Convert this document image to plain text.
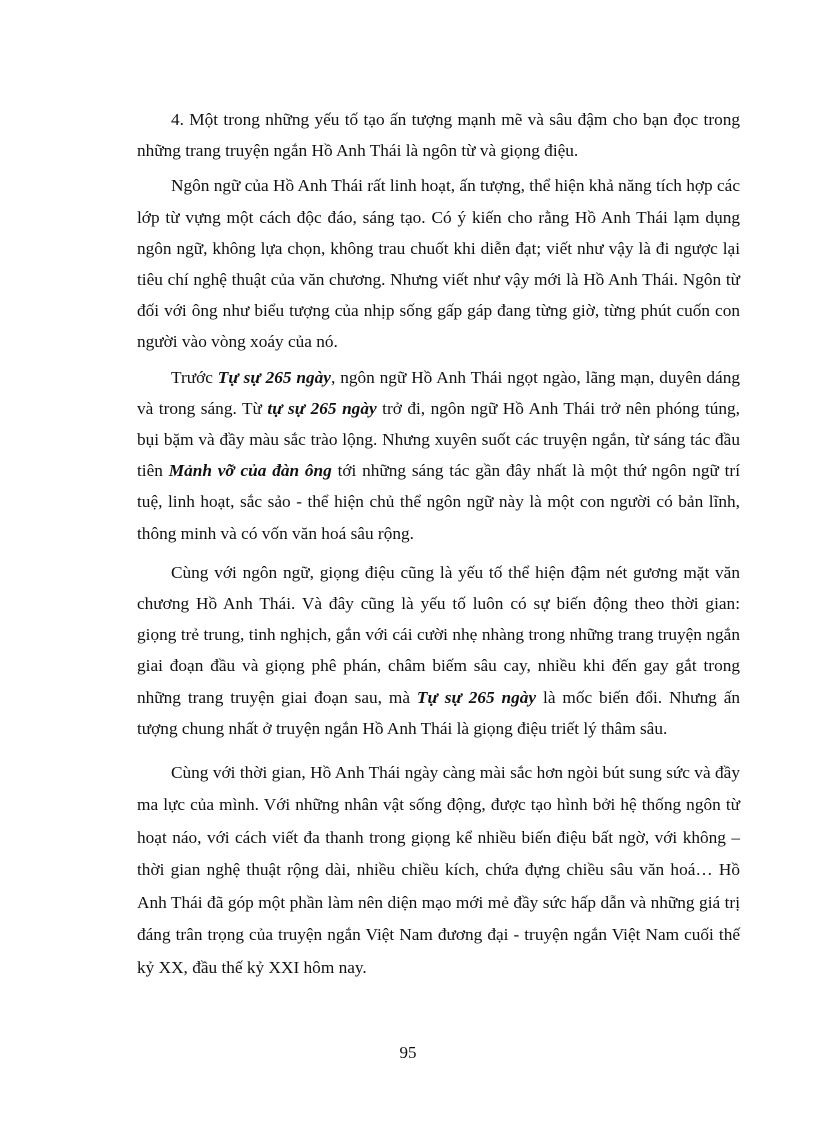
4. Một trong những yếu tố tạo ấn tượng mạnh mẽ và sâu đậm cho bạn đọc trong những trang truyện ngắn Hồ Anh Thái là ngôn từ và giọng điệu.

Ngôn ngữ của Hồ Anh Thái rất linh hoạt, ấn tượng, thể hiện khả năng tích hợp các lớp từ vựng một cách độc đáo, sáng tạo. Có ý kiến cho rằng Hồ Anh Thái lạm dụng ngôn ngữ, không lựa chọn, không trau chuốt khi diễn đạt; viết như vậy là đi ngược lại tiêu chí nghệ thuật của văn chương. Nhưng viết như vậy mới là Hồ Anh Thái. Ngôn từ đối với ông như biểu tượng của nhịp sống gấp gáp đang từng giờ, từng phút cuốn con người vào vòng xoáy của nó.

Trước Tự sự 265 ngày, ngôn ngữ Hồ Anh Thái ngọt ngào, lãng mạn, duyên dáng và trong sáng. Từ tự sự 265 ngày trở đi, ngôn ngữ Hồ Anh Thái trở nên phóng túng, bụi bặm và đầy màu sắc trào lộng. Nhưng xuyên suốt các truyện ngắn, từ sáng tác đầu tiên Mảnh vỡ của đàn ông tới những sáng tác gần đây nhất là một thứ ngôn ngữ trí tuệ, linh hoạt, sắc sảo - thể hiện chủ thể ngôn ngữ này là một con người có bản lĩnh, thông minh và có vốn văn hoá sâu rộng.

Cùng với ngôn ngữ, giọng điệu cũng là yếu tố thể hiện đậm nét gương mặt văn chương Hồ Anh Thái. Và đây cũng là yếu tố luôn có sự biến động theo thời gian: giọng trẻ trung, tinh nghịch, gắn với cái cười nhẹ nhàng trong những trang truyện ngắn giai đoạn đầu và giọng phê phán, châm biếm sâu cay, nhiều khi đến gay gắt trong những trang truyện giai đoạn sau, mà Tự sự 265 ngày là mốc biến đổi. Nhưng ấn tượng chung nhất ở truyện ngắn Hồ Anh Thái là giọng điệu triết lý thâm sâu.

Cùng với thời gian, Hồ Anh Thái ngày càng mài sắc hơn ngòi bút sung sức và đầy ma lực của mình. Với những nhân vật sống động, được tạo hình bởi hệ thống ngôn từ hoạt náo, với cách viết đa thanh trong giọng kể nhiều biến điệu bất ngờ, với không – thời gian nghệ thuật rộng dài, nhiều chiều kích, chứa đựng chiều sâu văn hoá… Hồ Anh Thái đã góp một phần làm nên diện mạo mới mẻ đầy sức hấp dẫn và những giá trị đáng trân trọng của truyện ngắn Việt Nam đương đại - truyện ngắn Việt Nam cuối thế kỷ XX, đầu thế kỷ XXI hôm nay.

95
